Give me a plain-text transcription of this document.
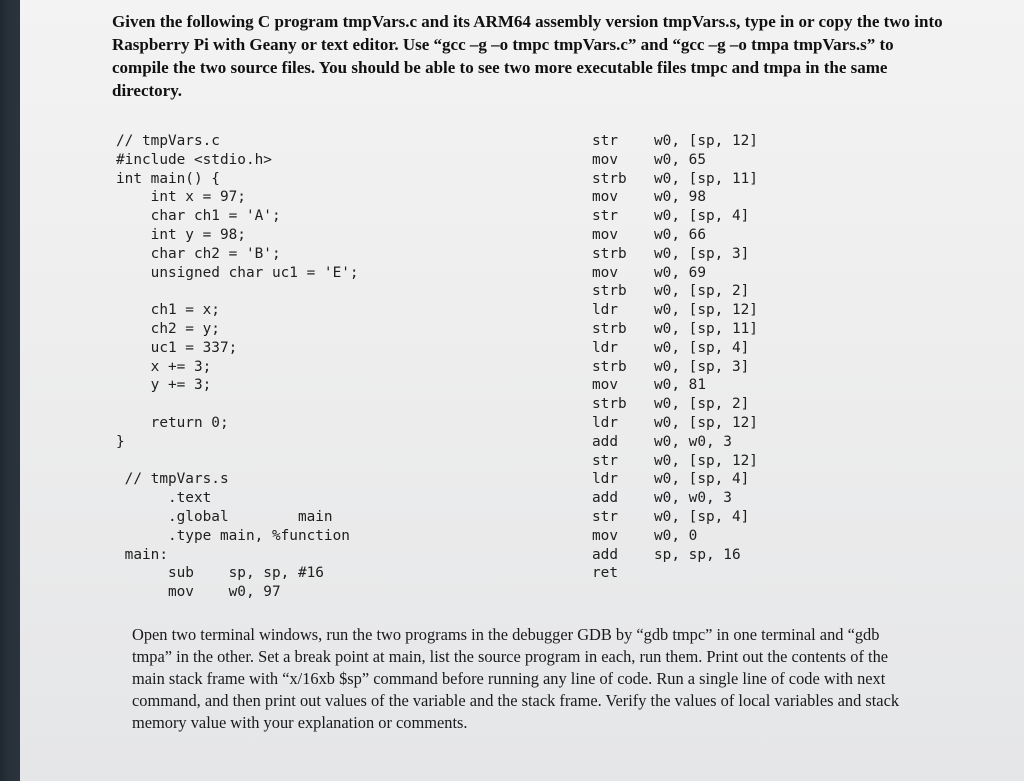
Given the following C program tmpVars.c and its ARM64 assembly version tmpVars.s, type in or copy the two into Raspberry Pi with Geany or text editor. Use “gcc –g –o tmpc tmpVars.c” and “gcc –g –o tmpa tmpVars.s” to compile the two source files. You should be able to see two more executable files tmpc and tmpa in the same directory.

// tmpVars.c
#include <stdio.h>
int main() {
int x = 97;
char ch1 = 'A';
int y = 98;
char ch2 = 'B';
unsigned char uc1 = 'E';
ch1 = x;
ch2 = y;
uc1 = 337;
x += 3;
y += 3;
return 0;
}
// tmpVars.s
.text
.global        main
.type main, %function
main:
sub    sp, sp, #16
mov    w0, 97
str	w0, [sp, 12]
mov	w0, 65
strb w0, [sp, 11]
mov	w0, 98
str	w0, [sp, 4]
mov	w0, 66
strb w0, [sp, 3]
mov	w0, 69
strb w0, [sp, 2]
ldr	w0, [sp, 12]
strb w0, [sp, 11]
ldr	w0, [sp, 4]
strb w0, [sp, 3]
mov	w0, 81
strb w0, [sp, 2]
ldr	w0, [sp, 12]
add	w0, w0, 3
str	w0, [sp, 12]
ldr	w0, [sp, 4]
add	w0, w0, 3
str	w0, [sp, 4]
mov	w0, 0
add	sp, sp, 16
ret

Open two terminal windows, run the two programs in the debugger GDB by “gdb tmpc” in one terminal and “gdb tmpa” in the other. Set a break point at main, list the source program in each, run them. Print out the contents of the main stack frame with “x/16xb $sp” command before running any line of code. Run a single line of code with next command, and then print out values of the variable and the stack frame. Verify the values of local variables and stack memory value with your explanation or comments.
